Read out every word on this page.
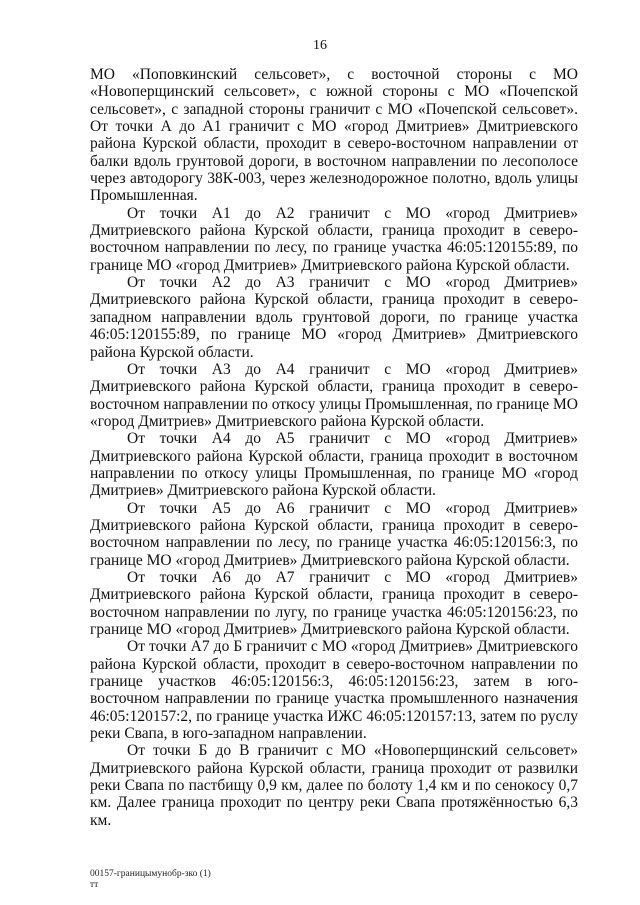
16

МО «Поповкинский сельсовет», с восточной стороны с МО «Новоперщинский сельсовет», с южной стороны с МО «Почепской сельсовет», с западной стороны граничит с МО «Почепской сельсовет». От точки А до А1 граничит с МО «город Дмитриев» Дмитриевского района Курской области, проходит в северо-восточном направлении от балки вдоль грунтовой дороги, в восточном направлении по лесополосе через автодорогу 38К-003, через железнодорожное полотно, вдоль улицы Промышленная.

От точки А1 до А2 граничит с МО «город Дмитриев» Дмитриевского района Курской области, граница проходит в северо-восточном направлении по лесу, по границе участка 46:05:120155:89, по границе МО «город Дмитриев» Дмитриевского района Курской области.

От точки А2 до А3 граничит с МО «город Дмитриев» Дмитриевского района Курской области, граница проходит в северо-западном направлении вдоль грунтовой дороги, по границе участка 46:05:120155:89, по границе МО «город Дмитриев» Дмитриевского района Курской области.

От точки А3 до А4 граничит с МО «город Дмитриев» Дмитриевского района Курской области, граница проходит в северо-восточном направлении по откосу улицы Промышленная, по границе МО «город Дмитриев» Дмитриевского района Курской области.

От точки А4 до А5 граничит с МО «город Дмитриев» Дмитриевского района Курской области, граница проходит в восточном направлении по откосу улицы Промышленная, по границе МО «город Дмитриев» Дмитриевского района Курской области.

От точки А5 до А6 граничит с МО «город Дмитриев» Дмитриевского района Курской области, граница проходит в северо-восточном направлении по лесу, по границе участка 46:05:120156:3, по границе МО «город Дмитриев» Дмитриевского района Курской области.

От точки А6 до А7 граничит с МО «город Дмитриев» Дмитриевского района Курской области, граница проходит в северо-восточном направлении по лугу, по границе участка 46:05:120156:23, по границе МО «город Дмитриев» Дмитриевского района Курской области.

От точки А7 до Б граничит с МО «город Дмитриев» Дмитриевского района Курской области, проходит в северо-восточном направлении по границе участков 46:05:120156:3, 46:05:120156:23, затем в юго-восточном направлении по границе участка промышленного назначения 46:05:120157:2, по границе участка ИЖС 46:05:120157:13, затем по руслу реки Свапа, в юго-западном направлении.

От точки Б до В граничит с МО «Новоперщинский сельсовет» Дмитриевского района Курской области, граница проходит от развилки реки Свапа по пастбищу 0,9 км, далее по болоту 1,4 км и по сенокосу 0,7 км. Далее граница проходит по центру реки Свапа протяжённостью 6,3 км.

00157-границымунобр-зко (1)
тт
